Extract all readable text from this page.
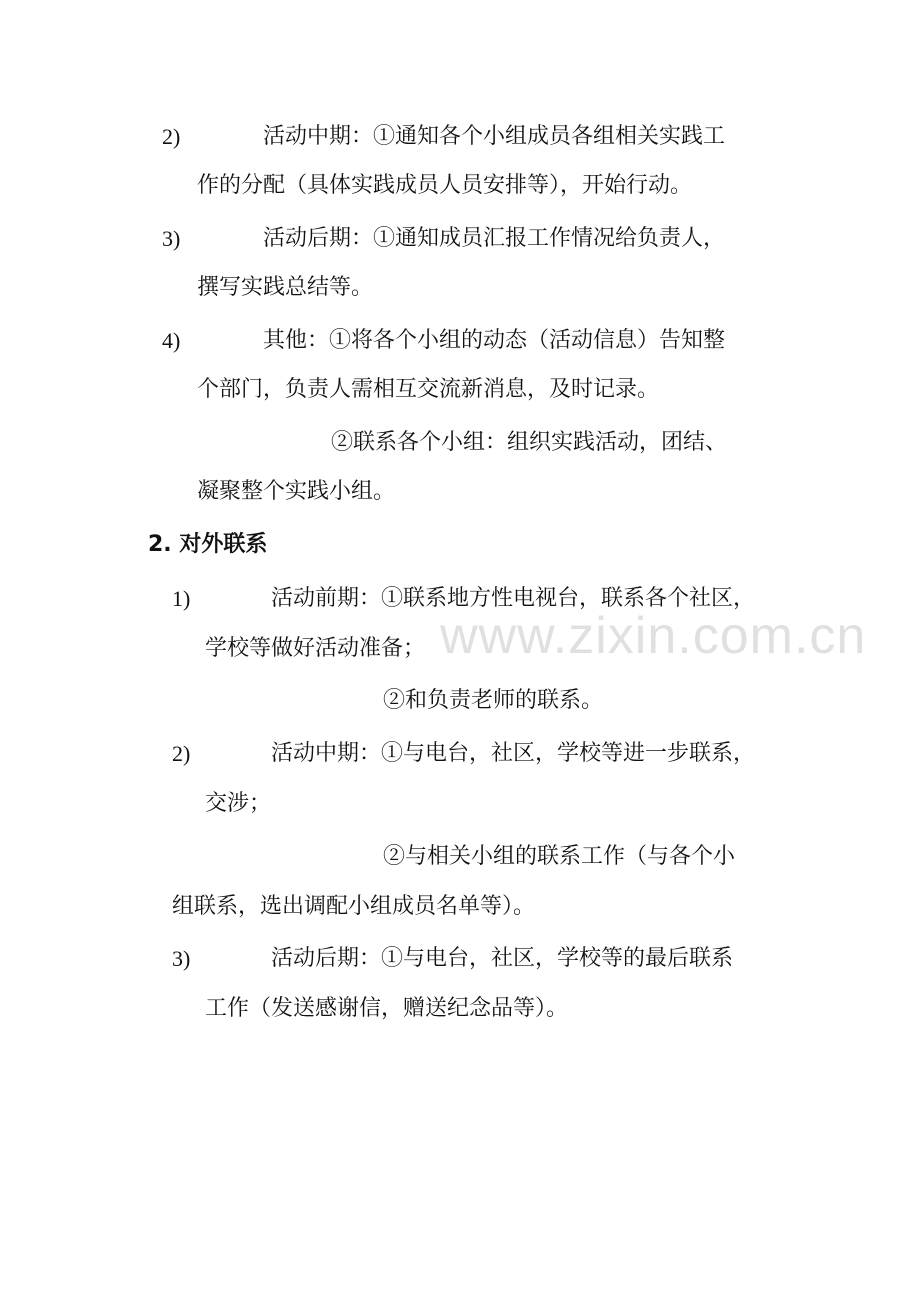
www.zixin.com.cn
2)	活动中期：①通知各个小组成员各组相关实践工
作的分配（具体实践成员人员安排等），开始行动。
3)	活动后期：①通知成员汇报工作情况给负责人，
撰写实践总结等。
4)	其他：①将各个小组的动态（活动信息）告知整
个部门，负责人需相互交流新消息，及时记录。
②联系各个小组：组织实践活动，团结、
凝聚整个实践小组。
2. 对外联系
1)	活动前期：①联系地方性电视台，联系各个社区，
学校等做好活动准备；
②和负责老师的联系。
2)	活动中期：①与电台，社区，学校等进一步联系，
交涉；
②与相关小组的联系工作（与各个小
组联系，选出调配小组成员名单等）。
3)	活动后期：①与电台，社区，学校等的最后联系
工作（发送感谢信，赠送纪念品等）。
